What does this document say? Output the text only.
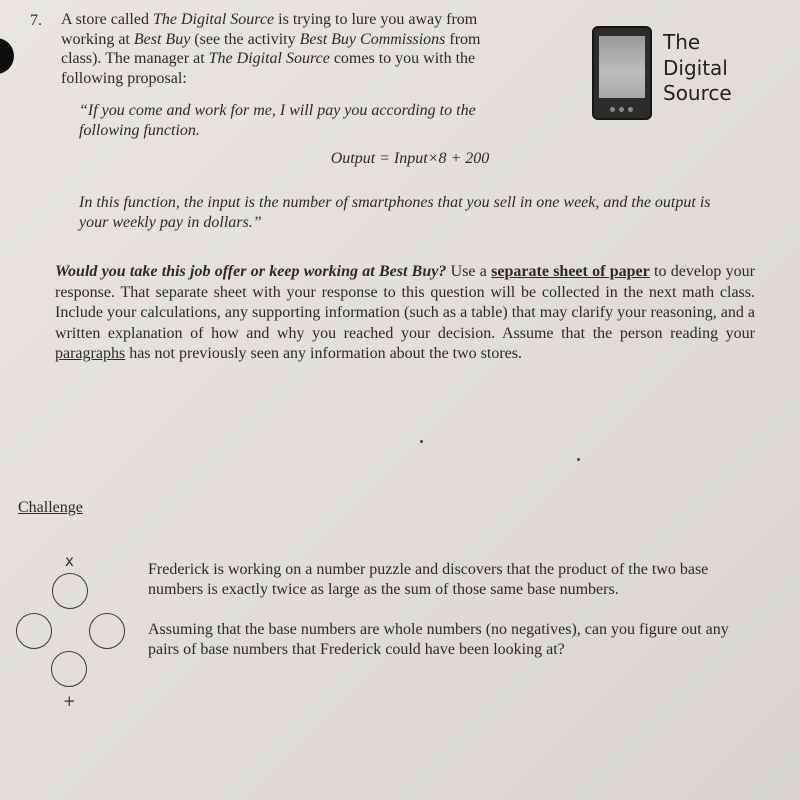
7. A store called The Digital Source is trying to lure you away from working at Best Buy (see the activity Best Buy Commissions from class). The manager at The Digital Source comes to you with the following proposal:
The
Digital
Source
“If you come and work for me, I will pay you according to the following function.
Output = Input×8 + 200
In this function, the input is the number of smartphones that you sell in one week, and the output is your weekly pay in dollars.”
Would you take this job offer or keep working at Best Buy? Use a separate sheet of paper to develop your response. That separate sheet with your response to this question will be collected in the next math class. Include your calculations, any supporting information (such as a table) that may clarify your reasoning, and a written explanation of how and why you reached your decision. Assume that the person reading your paragraphs has not previously seen any information about the two stores.
Challenge
x
+

Frederick is working on a number puzzle and discovers that the product of the two base numbers is exactly twice as large as the sum of those same base numbers.

Assuming that the base numbers are whole numbers (no negatives), can you figure out any pairs of base numbers that Frederick could have been looking at?
